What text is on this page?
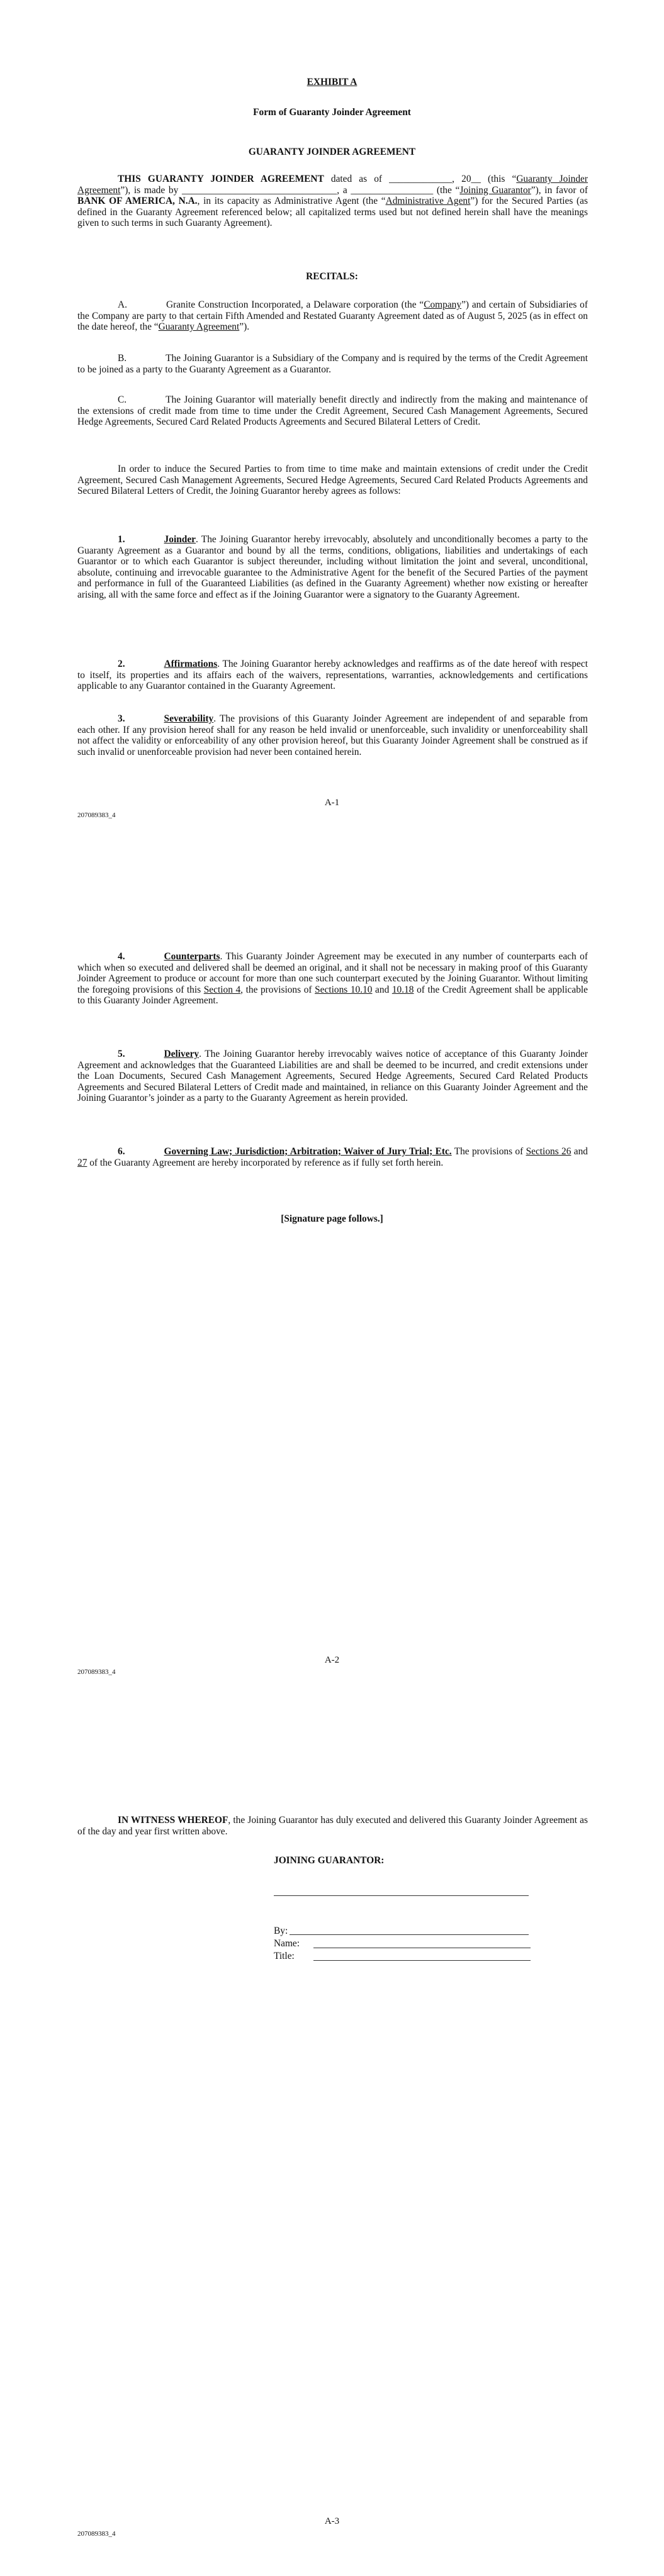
EXHIBIT A

Form of Guaranty Joinder Agreement

GUARANTY JOINDER AGREEMENT

THIS GUARANTY JOINDER AGREEMENT dated as of _____________, 20__ (this “Guaranty Joinder Agreement”), is made by ________________________________, a _________________ (the “Joining Guarantor”), in favor of BANK OF AMERICA, N.A., in its capacity as Administrative Agent (the “Administrative Agent”) for the Secured Parties (as defined in the Guaranty Agreement referenced below; all capitalized terms used but not defined herein shall have the meanings given to such terms in such Guaranty Agreement).

RECITALS:

A.	Granite Construction Incorporated, a Delaware corporation (the “Company”) and certain of Subsidiaries of the Company are party to that certain Fifth Amended and Restated Guaranty Agreement dated as of August 5, 2025 (as in effect on the date hereof, the “Guaranty Agreement”).

B.	The Joining Guarantor is a Subsidiary of the Company and is required by the terms of the Credit Agreement to be joined as a party to the Guaranty Agreement as a Guarantor.

C.	The Joining Guarantor will materially benefit directly and indirectly from the making and maintenance of the extensions of credit made from time to time under the Credit Agreement, Secured Cash Management Agreements, Secured Hedge Agreements, Secured Card Related Products Agreements and Secured Bilateral Letters of Credit.

In order to induce the Secured Parties to from time to time make and maintain extensions of credit under the Credit Agreement, Secured Cash Management Agreements, Secured Hedge Agreements, Secured Card Related Products Agreements and Secured Bilateral Letters of Credit, the Joining Guarantor hereby agrees as follows:

1.	Joinder. The Joining Guarantor hereby irrevocably, absolutely and unconditionally becomes a party to the Guaranty Agreement as a Guarantor and bound by all the terms, conditions, obligations, liabilities and undertakings of each Guarantor or to which each Guarantor is subject thereunder, including without limitation the joint and several, unconditional, absolute, continuing and irrevocable guarantee to the Administrative Agent for the benefit of the Secured Parties of the payment and performance in full of the Guaranteed Liabilities (as defined in the Guaranty Agreement) whether now existing or hereafter arising, all with the same force and effect as if the Joining Guarantor were a signatory to the Guaranty Agreement.

2.	Affirmations. The Joining Guarantor hereby acknowledges and reaffirms as of the date hereof with respect to itself, its properties and its affairs each of the waivers, representations, warranties, acknowledgements and certifications applicable to any Guarantor contained in the Guaranty Agreement.

3.	Severability. The provisions of this Guaranty Joinder Agreement are independent of and separable from each other. If any provision hereof shall for any reason be held invalid or unenforceable, such invalidity or unenforceability shall not affect the validity or enforceability of any other provision hereof, but this Guaranty Joinder Agreement shall be construed as if such invalid or unenforceable provision had never been contained herein.

A-1
207089383_4

4.	Counterparts. This Guaranty Joinder Agreement may be executed in any number of counterparts each of which when so executed and delivered shall be deemed an original, and it shall not be necessary in making proof of this Guaranty Joinder Agreement to produce or account for more than one such counterpart executed by the Joining Guarantor. Without limiting the foregoing provisions of this Section 4, the provisions of Sections 10.10 and 10.18 of the Credit Agreement shall be applicable to this Guaranty Joinder Agreement.

5.	Delivery. The Joining Guarantor hereby irrevocably waives notice of acceptance of this Guaranty Joinder Agreement and acknowledges that the Guaranteed Liabilities are and shall be deemed to be incurred, and credit extensions under the Loan Documents, Secured Cash Management Agreements, Secured Hedge Agreements, Secured Card Related Products Agreements and Secured Bilateral Letters of Credit made and maintained, in reliance on this Guaranty Joinder Agreement and the Joining Guarantor’s joinder as a party to the Guaranty Agreement as herein provided.

6.	Governing Law; Jurisdiction; Arbitration; Waiver of Jury Trial; Etc. The provisions of Sections 26 and 27 of the Guaranty Agreement are hereby incorporated by reference as if fully set forth herein.

[Signature page follows.]

A-2
207089383_4

IN WITNESS WHEREOF, the Joining Guarantor has duly executed and delivered this Guaranty Joinder Agreement as of the day and year first written above.

JOINING GUARANTOR:
By:
Name:
Title:
A-3
207089383_4
